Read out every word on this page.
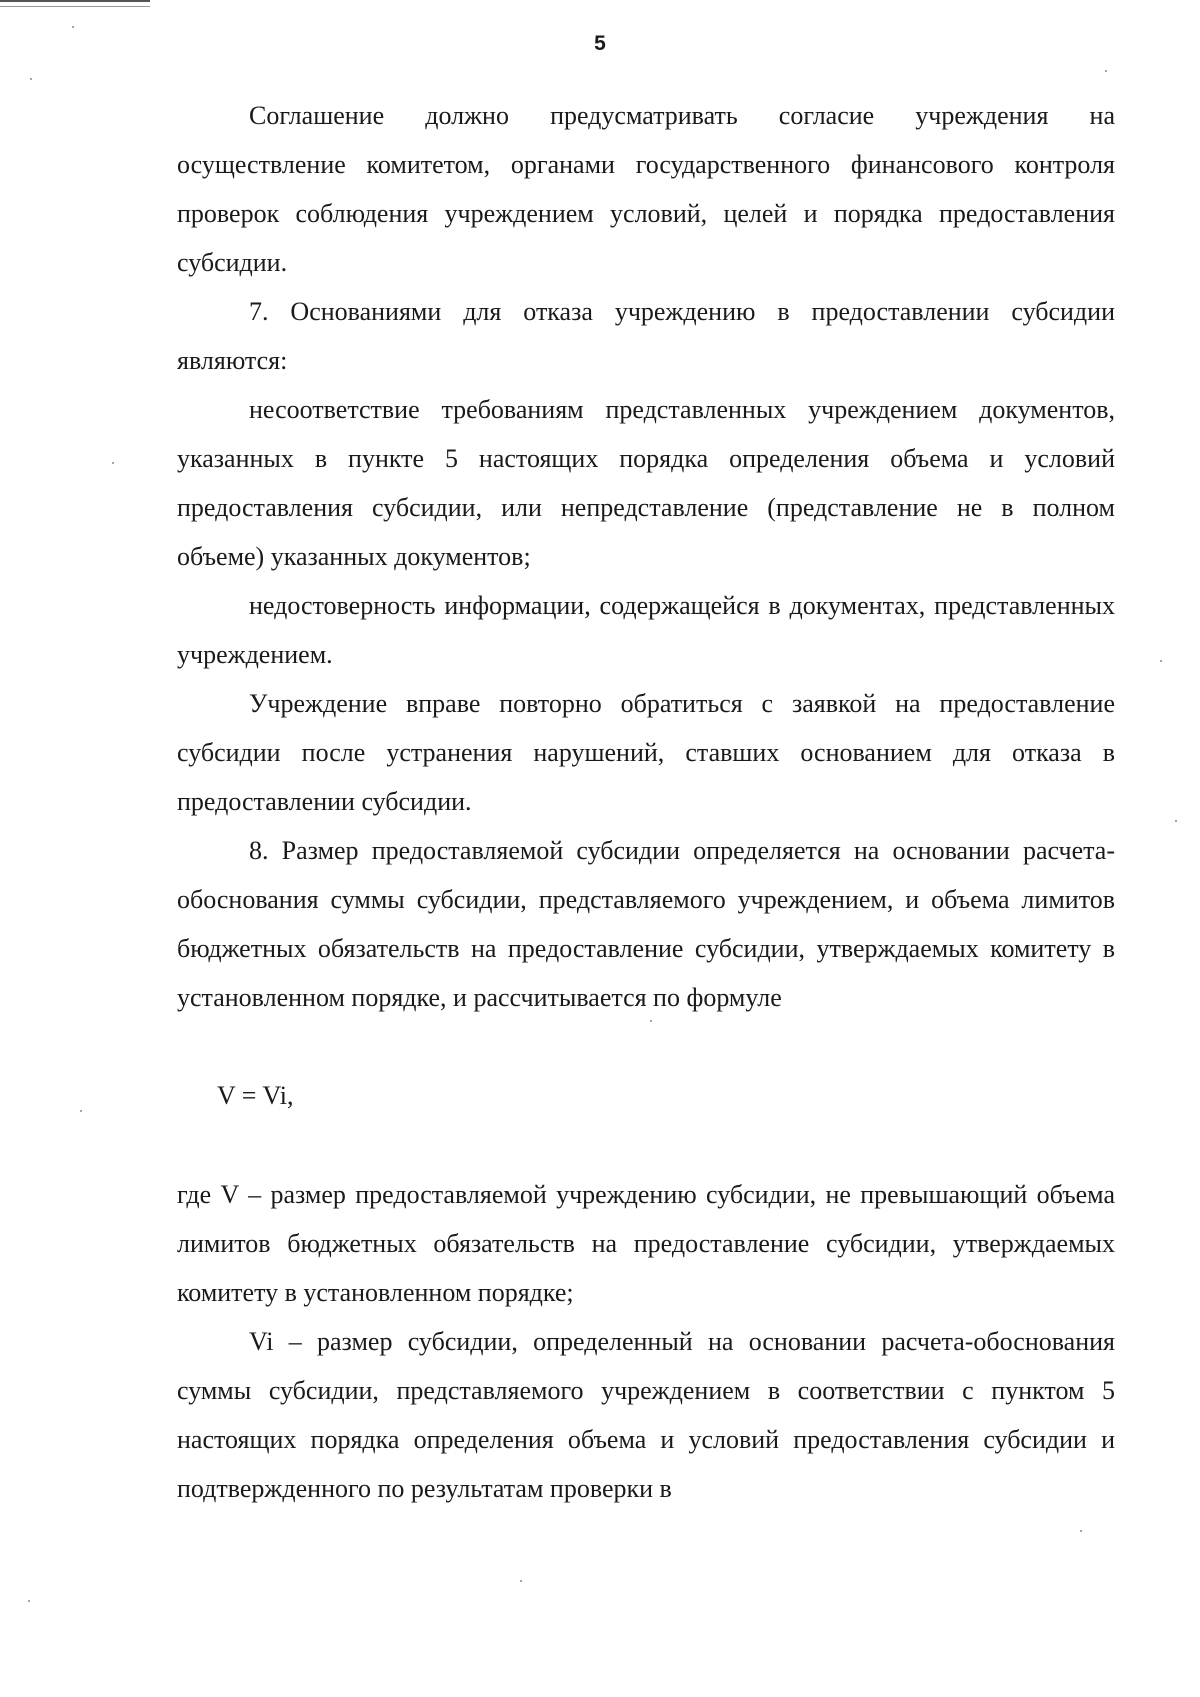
5

Соглашение должно предусматривать согласие учреждения на осуществление комитетом, органами государственного финансового контроля проверок соблюдения учреждением условий, целей и порядка предоставления субсидии.

7. Основаниями для отказа учреждению в предоставлении субсидии являются:

несоответствие требованиям представленных учреждением документов, указанных в пункте 5 настоящих порядка определения объема и условий предоставления субсидии, или непредставление (представление не в полном объеме) указанных документов;

недостоверность информации, содержащейся в документах, представленных учреждением.

Учреждение вправе повторно обратиться с заявкой на предоставление субсидии после устранения нарушений, ставших основанием для отказа в предоставлении субсидии.

8. Размер предоставляемой субсидии определяется на основании расчета-обоснования суммы субсидии, представляемого учреждением, и объема лимитов бюджетных обязательств на предоставление субсидии, утверждаемых комитету в установленном порядке, и рассчитывается по формуле

V = Vi,

где V – размер предоставляемой учреждению субсидии, не превышающий объема лимитов бюджетных обязательств на предоставление субсидии, утверждаемых комитету в установленном порядке;

Vi – размер субсидии, определенный на основании расчета-обоснования суммы субсидии, представляемого учреждением в соответствии с пунктом 5 настоящих порядка определения объема и условий предоставления субсидии и подтвержденного по результатам проверки в
